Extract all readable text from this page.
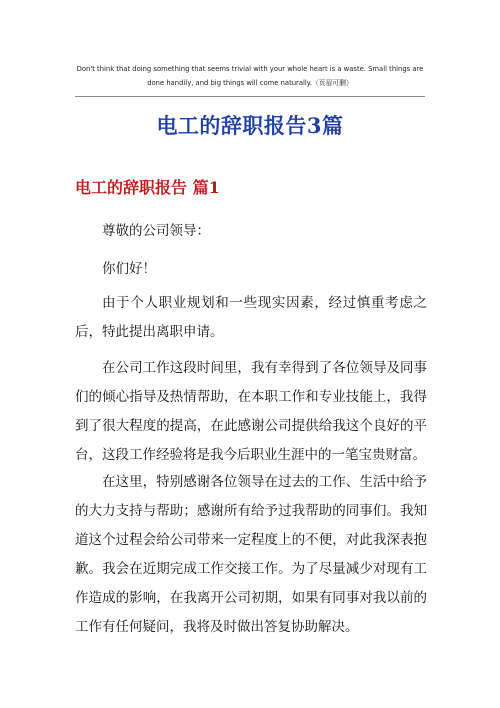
Don't think that doing something that seems trivial with your whole heart is a waste. Small things are done handily, and big things will come naturally.（页眉可删）
电工的辞职报告3篇
电工的辞职报告 篇1

尊敬的公司领导：

你们好！

由于个人职业规划和一些现实因素，经过慎重考虑之后，特此提出离职申请。

在公司工作这段时间里，我有幸得到了各位领导及同事们的倾心指导及热情帮助，在本职工作和专业技能上，我得到了很大程度的提高，在此感谢公司提供给我这个良好的平台，这段工作经验将是我今后职业生涯中的一笔宝贵财富。

在这里，特别感谢各位领导在过去的工作、生活中给予的大力支持与帮助；感谢所有给予过我帮助的同事们。我知道这个过程会给公司带来一定程度上的不便，对此我深表抱歉。我会在近期完成工作交接工作。为了尽量减少对现有工作造成的影响，在我离开公司初期，如果有同事对我以前的工作有任何疑问，我将及时做出答复协助解决。
